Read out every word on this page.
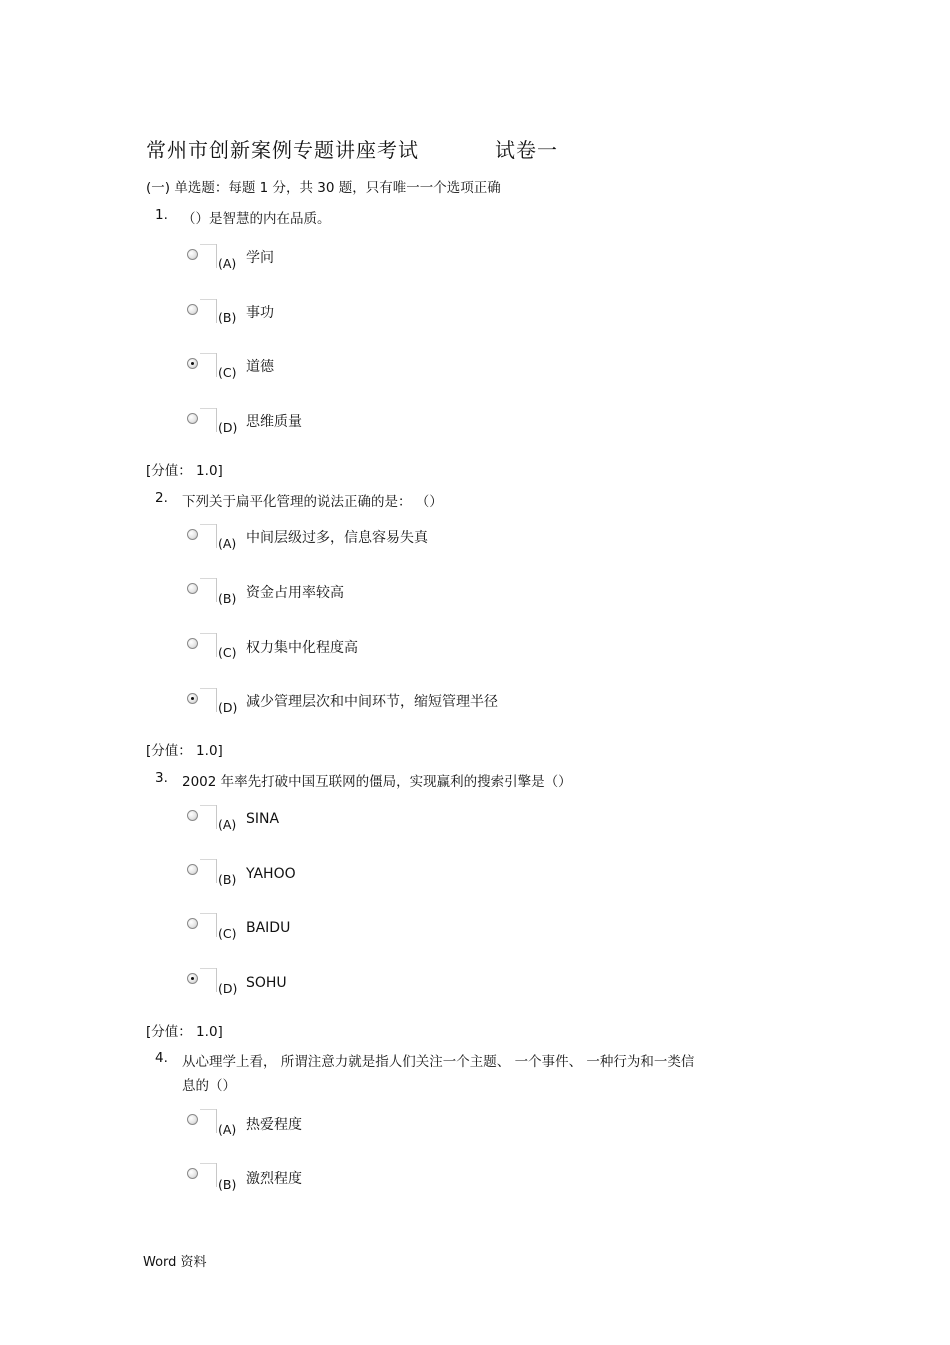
常州市创新案例专题讲座考试	试卷一
(一) 单选题：每题 1 分，共 30 题，只有唯一一个选项正确
1. （）是智慧的内在品质。
(A) 学问
(B) 事功
(C) 道德
(D) 思维质量
[分值： 1.0]
2. 下列关于扁平化管理的说法正确的是： （）
(A) 中间层级过多，信息容易失真
(B) 资金占用率较高
(C) 权力集中化程度高
(D) 减少管理层次和中间环节，缩短管理半径
[分值： 1.0]
3. 2002 年率先打破中国互联网的僵局，实现赢利的搜索引擎是（）
(A) SINA
(B) YAHOO
(C) BAIDU
(D) SOHU
[分值： 1.0]
4. 从心理学上看， 所谓注意力就是指人们关注一个主题、 一个事件、 一种行为和一类信
息的（）
(A) 热爱程度
(B) 激烈程度
Word 资料
